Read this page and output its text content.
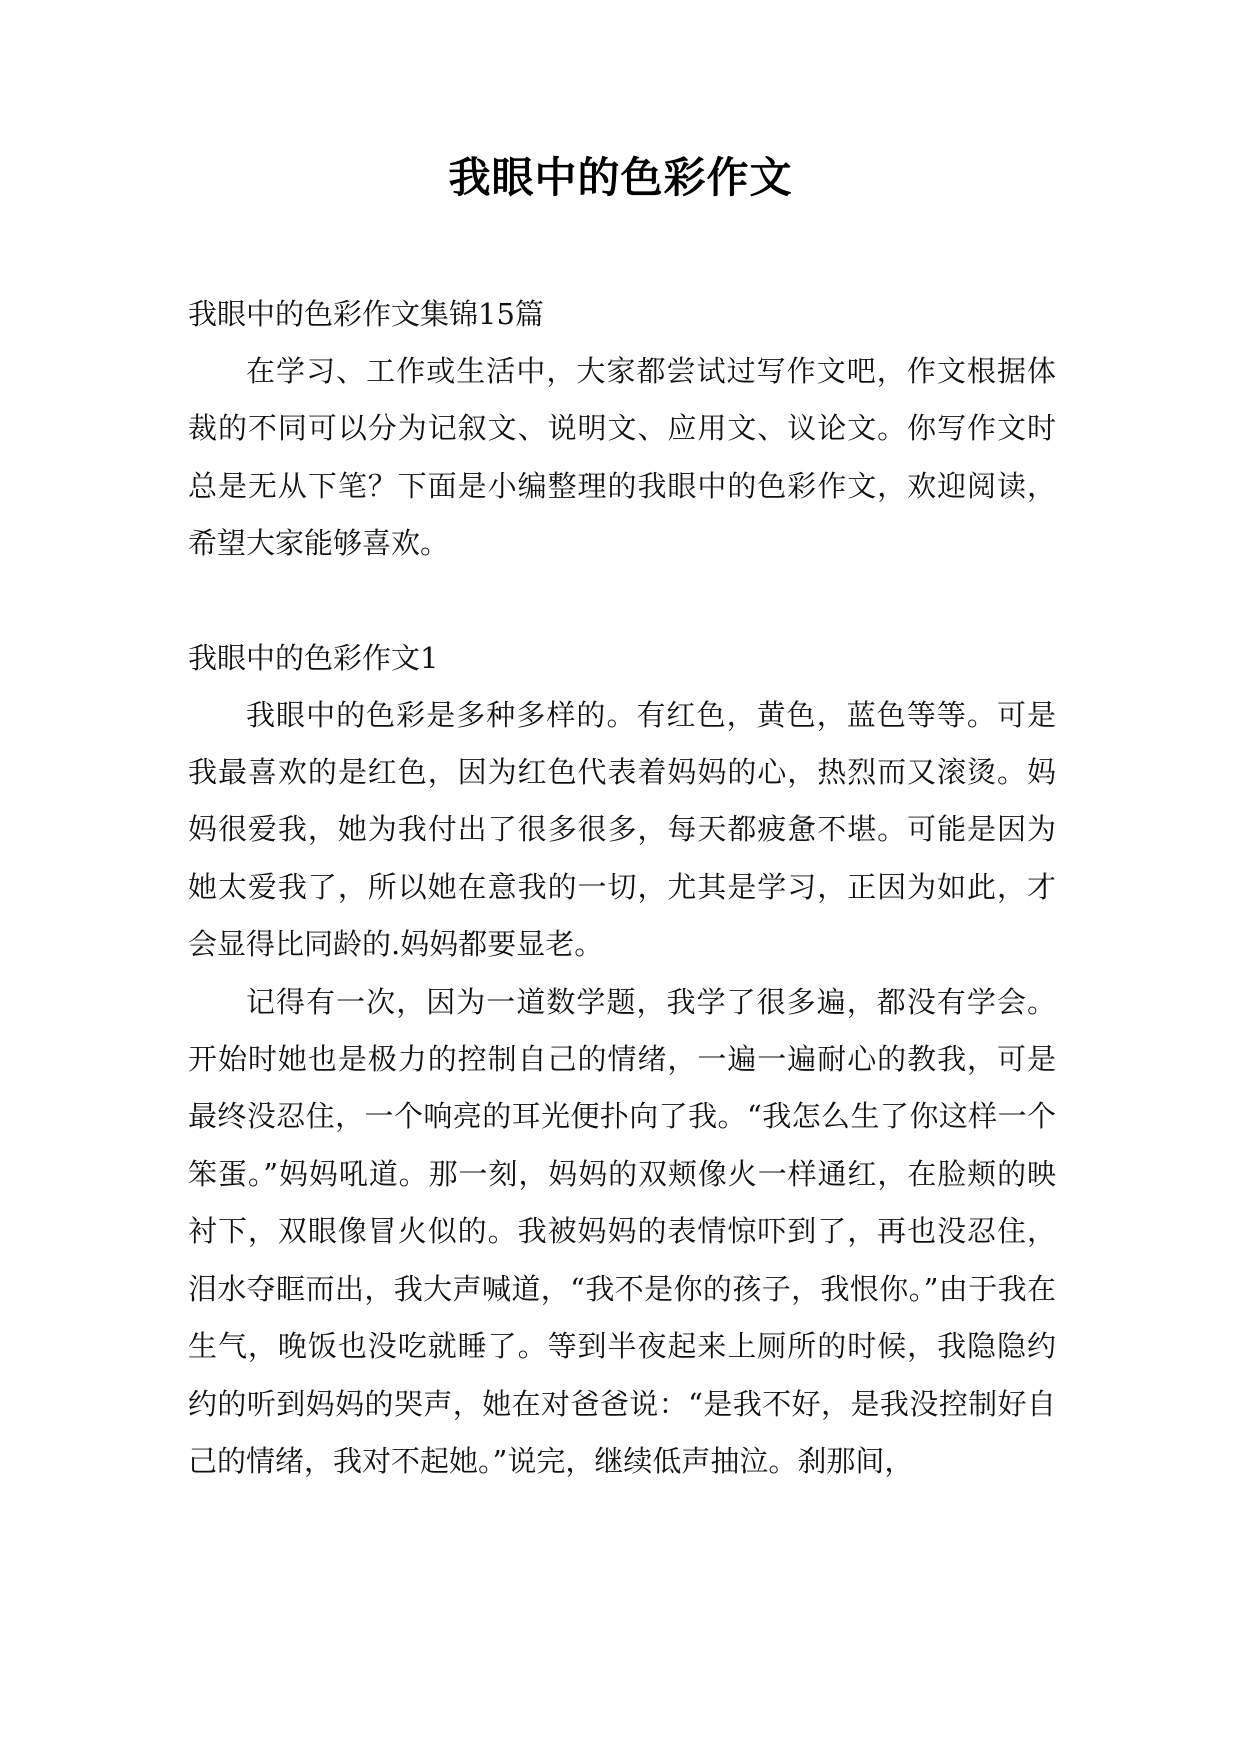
我眼中的色彩作文

我眼中的色彩作文集锦15篇

在学习、工作或生活中，大家都尝试过写作文吧，作文根据体裁的不同可以分为记叙文、说明文、应用文、议论文。你写作文时总是无从下笔？下面是小编整理的我眼中的色彩作文，欢迎阅读，希望大家能够喜欢。

我眼中的色彩作文1

我眼中的色彩是多种多样的。有红色，黄色，蓝色等等。可是我最喜欢的是红色，因为红色代表着妈妈的心，热烈而又滚烫。妈妈很爱我，她为我付出了很多很多，每天都疲惫不堪。可能是因为她太爱我了，所以她在意我的一切，尤其是学习，正因为如此，才会显得比同龄的.妈妈都要显老。

记得有一次，因为一道数学题，我学了很多遍，都没有学会。开始时她也是极力的控制自己的情绪，一遍一遍耐心的教我，可是最终没忍住，一个响亮的耳光便扑向了我。“我怎么生了你这样一个笨蛋。”妈妈吼道。那一刻，妈妈的双颊像火一样通红，在脸颊的映衬下，双眼像冒火似的。我被妈妈的表情惊吓到了，再也没忍住，泪水夺眶而出，我大声喊道，“我不是你的孩子，我恨你。”由于我在生气，晚饭也没吃就睡了。等到半夜起来上厕所的时候，我隐隐约约的听到妈妈的哭声，她在对爸爸说：“是我不好，是我没控制好自己的情绪，我对不起她。”说完，继续低声抽泣。刹那间，
